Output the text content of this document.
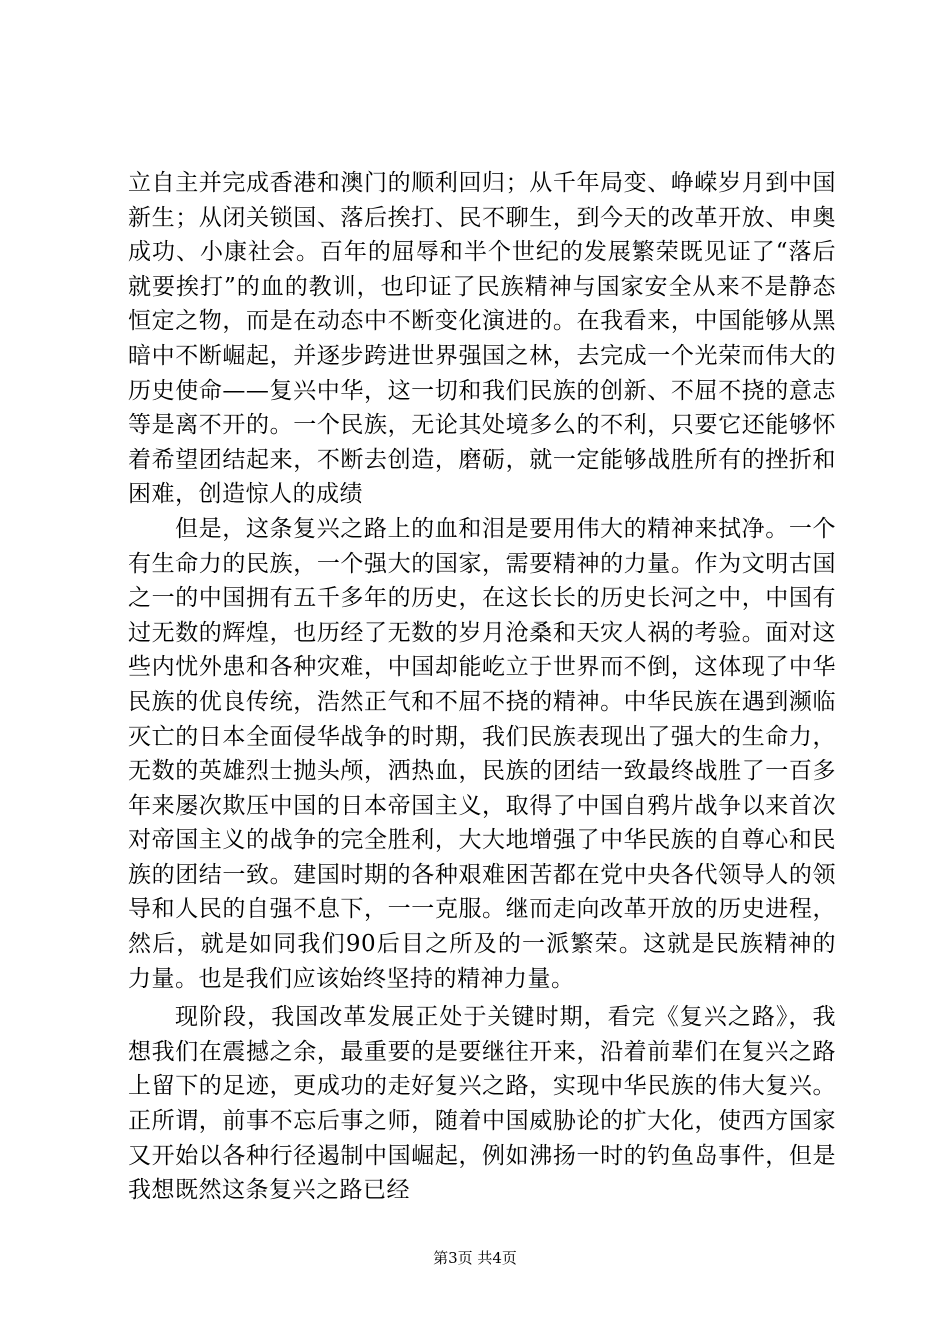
立自主并完成香港和澳门的顺利回归；从千年局变、峥嵘岁月到中国新生；从闭关锁国、落后挨打、民不聊生，到今天的改革开放、申奥成功、小康社会。百年的屈辱和半个世纪的发展繁荣既见证了“落后就要挨打”的血的教训，也印证了民族精神与国家安全从来不是静态恒定之物，而是在动态中不断变化演进的。在我看来，中国能够从黑暗中不断崛起，并逐步跨进世界强国之林，去完成一个光荣而伟大的历史使命——复兴中华，这一切和我们民族的创新、不屈不挠的意志等是离不开的。一个民族，无论其处境多么的不利，只要它还能够怀着希望团结起来，不断去创造，磨砺，就一定能够战胜所有的挫折和困难，创造惊人的成绩

但是，这条复兴之路上的血和泪是要用伟大的精神来拭净。一个有生命力的民族，一个强大的国家，需要精神的力量。作为文明古国之一的中国拥有五千多年的历史，在这长长的历史长河之中，中国有过无数的辉煌，也历经了无数的岁月沧桑和天灾人祸的考验。面对这些内忧外患和各种灾难，中国却能屹立于世界而不倒，这体现了中华民族的优良传统，浩然正气和不屈不挠的精神。中华民族在遇到濒临灭亡的日本全面侵华战争的时期，我们民族表现出了强大的生命力，无数的英雄烈士抛头颅，洒热血，民族的团结一致最终战胜了一百多年来屡次欺压中国的日本帝国主义，取得了中国自鸦片战争以来首次对帝国主义的战争的完全胜利，大大地增强了中华民族的自尊心和民族的团结一致。建国时期的各种艰难困苦都在党中央各代领导人的领导和人民的自强不息下，一一克服。继而走向改革开放的历史进程，然后，就是如同我们90后目之所及的一派繁荣。这就是民族精神的力量。也是我们应该始终坚持的精神力量。

现阶段，我国改革发展正处于关键时期，看完《复兴之路》，我想我们在震撼之余，最重要的是要继往开来，沿着前辈们在复兴之路上留下的足迹，更成功的走好复兴之路，实现中华民族的伟大复兴。正所谓，前事不忘后事之师，随着中国威胁论的扩大化，使西方国家又开始以各种行径遏制中国崛起，例如沸扬一时的钓鱼岛事件，但是我想既然这条复兴之路已经

第3页 共4页
